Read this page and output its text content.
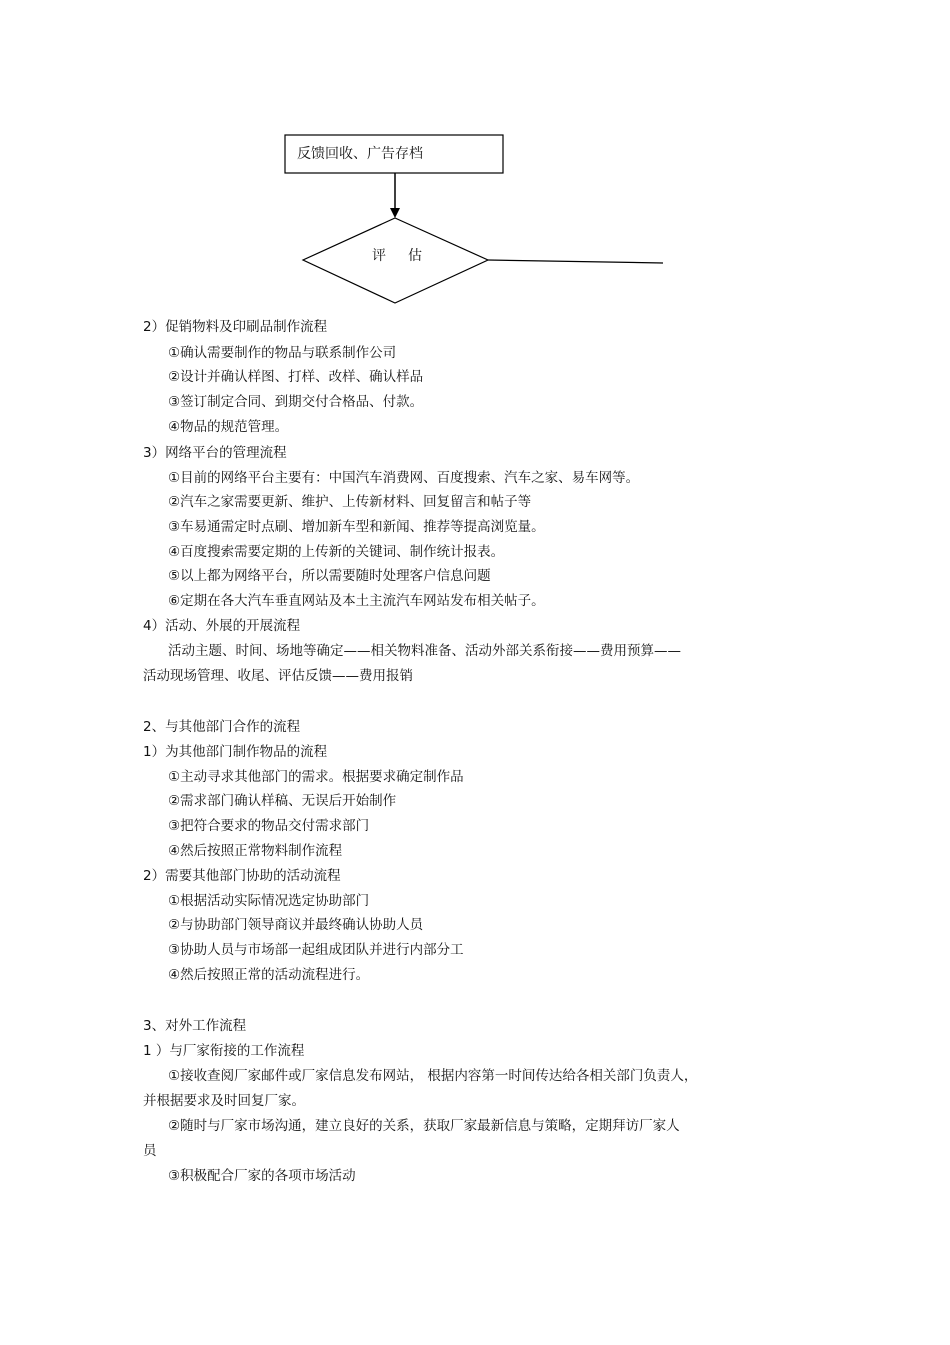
反馈回收、广告存档
评估
2）促销物料及印刷品制作流程
①确认需要制作的物品与联系制作公司
②设计并确认样图、打样、改样、确认样品
③签订制定合同、到期交付合格品、付款。
④物品的规范管理。
3）网络平台的管理流程
①目前的网络平台主要有：中国汽车消费网、百度搜索、汽车之家、易车网等。
②汽车之家需要更新、维护、上传新材料、回复留言和帖子等
③车易通需定时点刷、增加新车型和新闻、推荐等提高浏览量。
④百度搜索需要定期的上传新的关键词、制作统计报表。
⑤以上都为网络平台，所以需要随时处理客户信息问题
⑥定期在各大汽车垂直网站及本土主流汽车网站发布相关帖子。
4）活动、外展的开展流程
活动主题、时间、场地等确定——相关物料准备、活动外部关系衔接——费用预算——
活动现场管理、收尾、评估反馈——费用报销
2、与其他部门合作的流程
1）为其他部门制作物品的流程
①主动寻求其他部门的需求。根据要求确定制作品
②需求部门确认样稿、无误后开始制作
③把符合要求的物品交付需求部门
④然后按照正常物料制作流程
2）需要其他部门协助的活动流程
①根据活动实际情况选定协助部门
②与协助部门领导商议并最终确认协助人员
③协助人员与市场部一起组成团队并进行内部分工
④然后按照正常的活动流程进行。
3、对外工作流程
1 ）与厂家衔接的工作流程
①接收查阅厂家邮件或厂家信息发布网站， 根据内容第一时间传达给各相关部门负责人，
并根据要求及时回复厂家。
②随时与厂家市场沟通，建立良好的关系，获取厂家最新信息与策略，定期拜访厂家人
员
③积极配合厂家的各项市场活动
